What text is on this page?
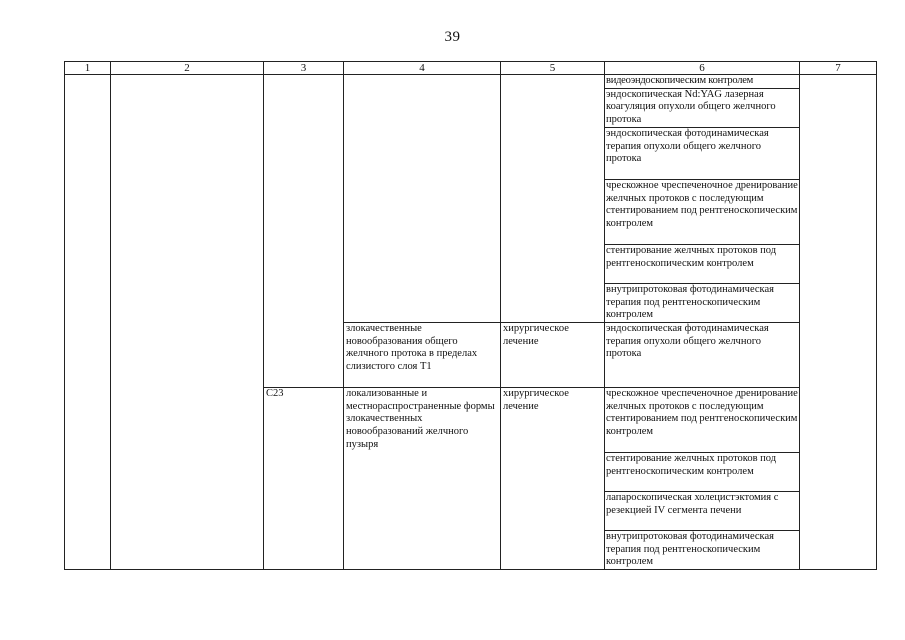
39
1	2	3	4	5	6	7
					видеоэндоскопическим контролем	
					эндоскопическая Nd:YAG лазерная коагуляция опухоли общего желчного протока	
					эндоскопическая фотодинамическая терапия опухоли общего желчного протока	
					чрескожное чреспеченочное дренирование желчных протоков с последующим стентированием под рентгеноскопическим контролем	
					стентирование желчных протоков под рентгеноскопическим контролем	
					внутрипротоковая фотодинамическая терапия под рентгеноскопическим контролем	
			злокачественные новообразования общего желчного протока в пределах слизистого слоя T1	хирургическое лечение	эндоскопическая фотодинамическая терапия опухоли общего желчного протока	
		C23	локализованные и местнораспространенные формы злокачественных новообразований желчного пузыря	хирургическое лечение	чрескожное чреспеченочное дренирование желчных протоков с последующим стентированием под рентгеноскопическим контролем	
					стентирование желчных протоков под рентгеноскопическим контролем	
					лапароскопическая холецистэктомия с резекцией IV сегмента печени	
					внутрипротоковая фотодинамическая терапия под рентгеноскопическим контролем	
